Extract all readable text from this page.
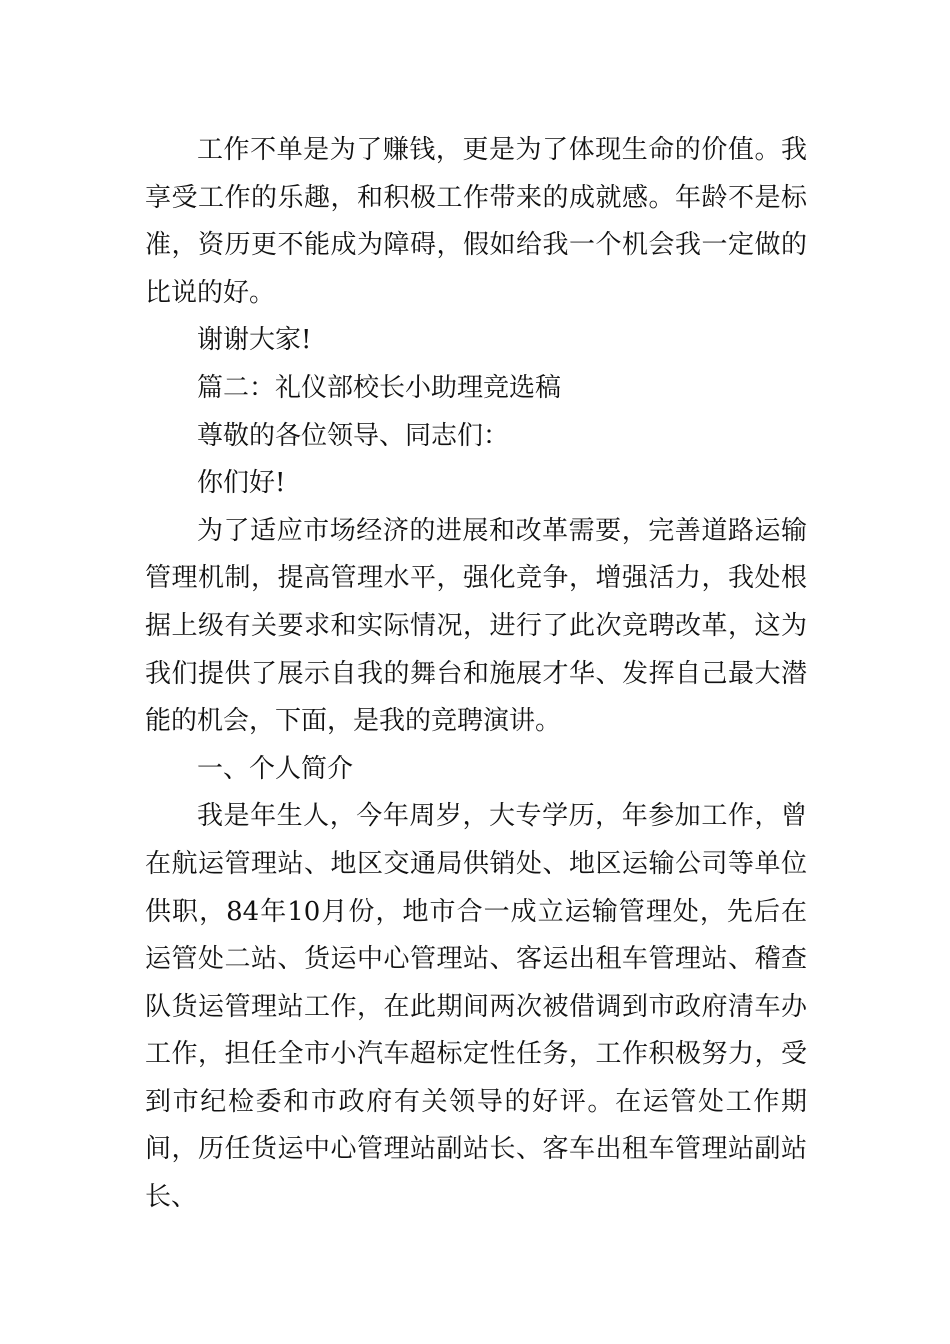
工作不单是为了赚钱，更是为了体现生命的价值。我享受工作的乐趣，和积极工作带来的成就感。年龄不是标准，资历更不能成为障碍，假如给我一个机会我一定做的比说的好。

谢谢大家!

篇二：礼仪部校长小助理竞选稿

尊敬的各位领导、同志们：

你们好!

为了适应市场经济的进展和改革需要，完善道路运输管理机制，提高管理水平，强化竞争，增强活力，我处根据上级有关要求和实际情况，进行了此次竞聘改革，这为我们提供了展示自我的舞台和施展才华、发挥自己最大潜能的机会，下面，是我的竞聘演讲。

一、个人简介

我是年生人，今年周岁，大专学历，年参加工作，曾在航运管理站、地区交通局供销处、地区运输公司等单位供职，84年10月份，地市合一成立运输管理处，先后在运管处二站、货运中心管理站、客运出租车管理站、稽查队货运管理站工作，在此期间两次被借调到市政府清车办工作，担任全市小汽车超标定性任务，工作积极努力，受到市纪检委和市政府有关领导的好评。在运管处工作期间，历任货运中心管理站副站长、客车出租车管理站副站长、
